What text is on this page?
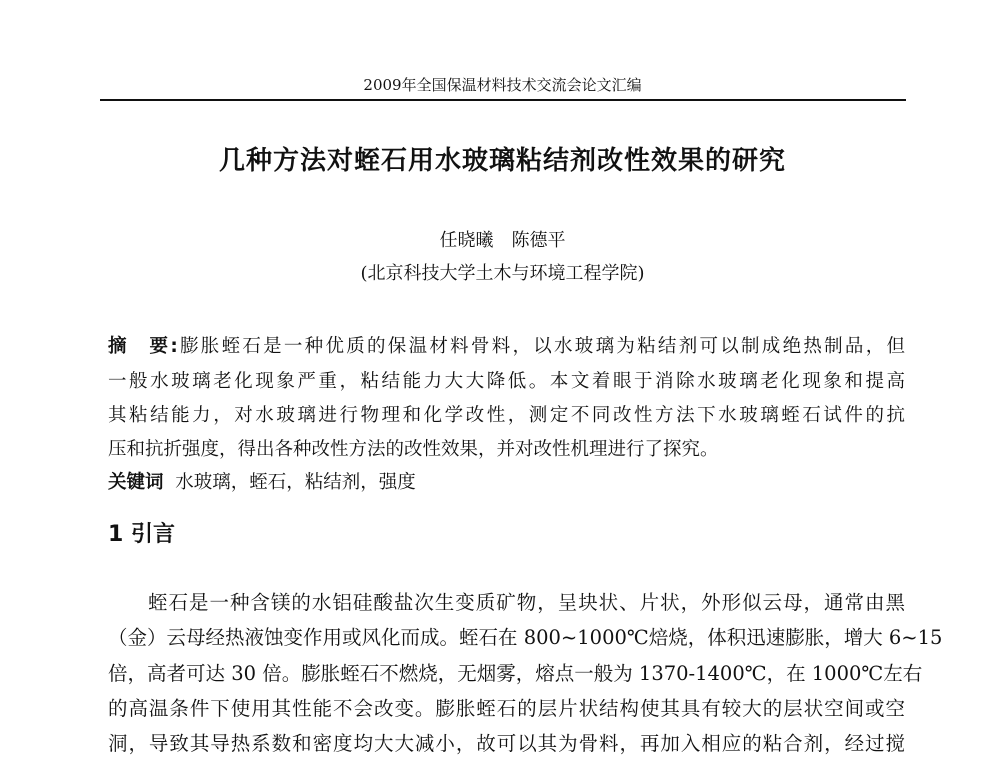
2009年全国保温材料技术交流会论文汇编
几种方法对蛭石用水玻璃粘结剂改性效果的研究
任晓曦　陈德平
(北京科技大学土木与环境工程学院)
摘　要:膨胀蛭石是一种优质的保温材料骨料，以水玻璃为粘结剂可以制成绝热制品，但
一般水玻璃老化现象严重，粘结能力大大降低。本文着眼于消除水玻璃老化现象和提高
其粘结能力，对水玻璃进行物理和化学改性，测定不同改性方法下水玻璃蛭石试件的抗
压和抗折强度，得出各种改性方法的改性效果，并对改性机理进行了探究。
关键词 水玻璃，蛭石，粘结剂，强度
1 引言
蛭石是一种含镁的水铝硅酸盐次生变质矿物，呈块状、片状，外形似云母，通常由黑
（金）云母经热液蚀变作用或风化而成。蛭石在 800~1000℃焙烧，体积迅速膨胀，增大 6~15
倍，高者可达 30 倍。膨胀蛭石不燃烧，无烟雾，熔点一般为 1370-1400℃，在 1000℃左右
的高温条件下使用其性能不会改变。膨胀蛭石的层片状结构使其具有较大的层状空间或空
洞，导致其导热系数和密度均大大减小，故可以其为骨料，再加入相应的粘合剂，经过搅
